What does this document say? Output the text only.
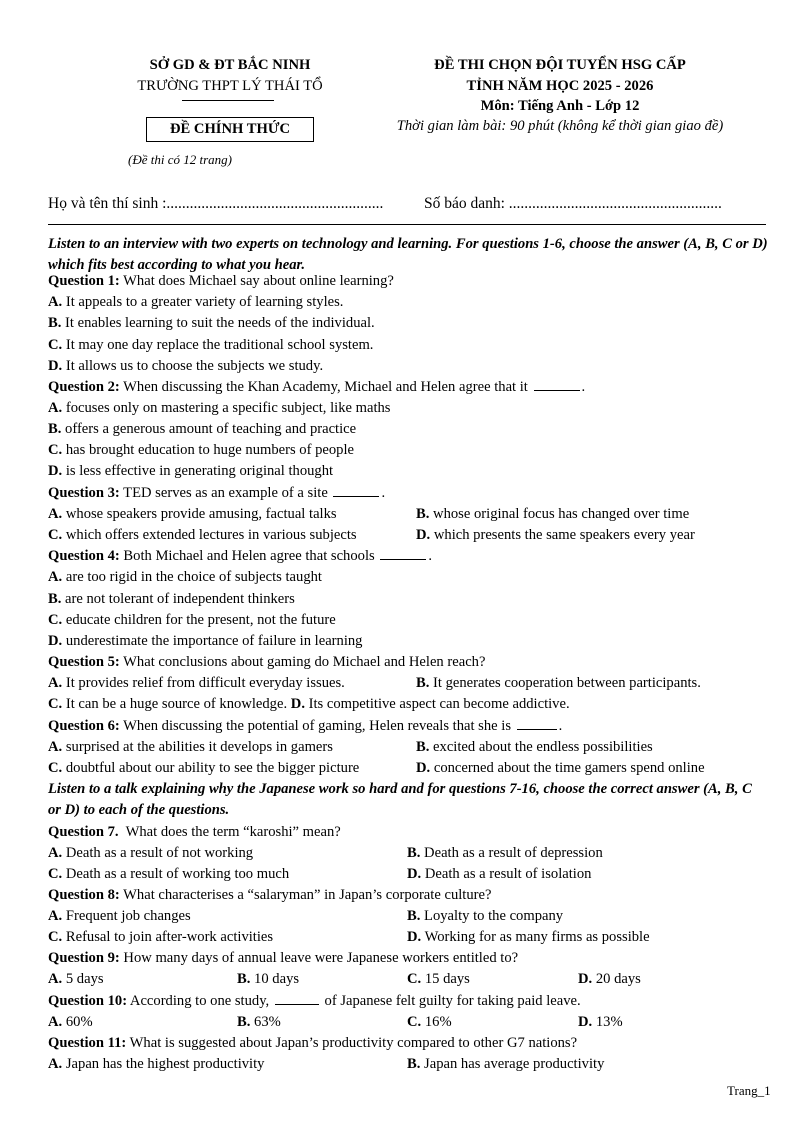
SỞ GD & ĐT BẮC NINH
TRƯỜNG THPT LÝ THÁI TỔ
ĐỀ CHÍNH THỨC
(Đề thi có 12 trang)
ĐỀ THI CHỌN ĐỘI TUYỂN HSG CẤP
TỈNH NĂM HỌC 2025 - 2026
Môn: Tiếng Anh - Lớp 12
Thời gian làm bài: 90 phút (không kể thời gian giao đề)
Họ và tên thí sinh :........................................................	Số báo danh: .......................................................
Listen to an interview with two experts on technology and learning. For questions 1-6, choose the answer (A, B, C or D) which fits best according to what you hear.
Question 1: What does Michael say about online learning?
A. It appeals to a greater variety of learning styles.
B. It enables learning to suit the needs of the individual.
C. It may one day replace the traditional school system.
D. It allows us to choose the subjects we study.
Question 2: When discussing the Khan Academy, Michael and Helen agree that it	.
A. focuses only on mastering a specific subject, like maths
B. offers a generous amount of teaching and practice
C. has brought education to huge numbers of people
D. is less effective in generating original thought
Question 3: TED serves as an example of a site	.
A. whose speakers provide amusing, factual talks	B. whose original focus has changed over time
C. which offers extended lectures in various subjects	D. which presents the same speakers every year
Question 4: Both Michael and Helen agree that schools	.
A. are too rigid in the choice of subjects taught
B. are not tolerant of independent thinkers
C. educate children for the present, not the future
D. underestimate the importance of failure in learning
Question 5: What conclusions about gaming do Michael and Helen reach?
A. It provides relief from difficult everyday issues.	B. It generates cooperation between participants.
C. It can be a huge source of knowledge. D. Its competitive aspect can become addictive.
Question 6: When discussing the potential of gaming, Helen reveals that she is	.
A. surprised at the abilities it develops in gamers	B. excited about the endless possibilities
C. doubtful about our ability to see the bigger picture	D. concerned about the time gamers spend online
Listen to a talk explaining why the Japanese work so hard and for questions 7-16, choose the correct answer (A, B, C or D) to each of the questions.
Question 7. What does the term “karoshi” mean?
A. Death as a result of not working	B. Death as a result of depression
C. Death as a result of working too much	D. Death as a result of isolation
Question 8: What characterises a “salaryman” in Japan’s corporate culture?
A. Frequent job changes	B. Loyalty to the company
C. Refusal to join after-work activities	D. Working for as many firms as possible
Question 9: How many days of annual leave were Japanese workers entitled to?
A. 5 days	B. 10 days	C. 15 days	D. 20 days
Question 10: According to one study,	of Japanese felt guilty for taking paid leave.
A. 60%	B. 63%	C. 16%	D. 13%
Question 11: What is suggested about Japan’s productivity compared to other G7 nations?
A. Japan has the highest productivity	B. Japan has average productivity
Trang_1
